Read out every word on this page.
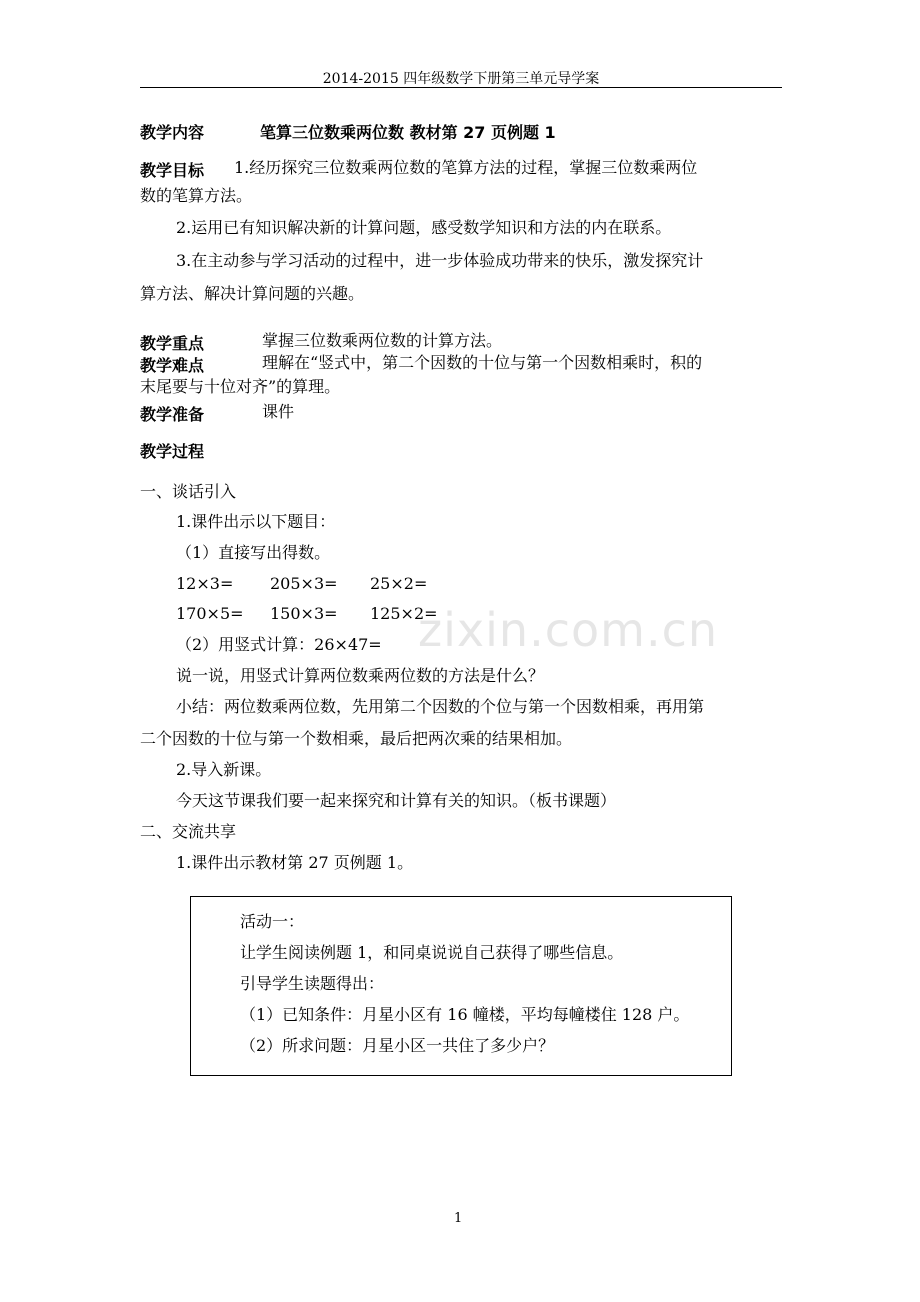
zixin.com.cn
2014-2015 四年级数学下册第三单元导学案
教学内容	笔算三位数乘两位数 教材第 27 页例题 1
教学目标 1.经历探究三位数乘两位数的笔算方法的过程，掌握三位数乘两位
数的笔算方法。
2.运用已有知识解决新的计算问题，感受数学知识和方法的内在联系。
3.在主动参与学习活动的过程中，进一步体验成功带来的快乐，激发探究计
算方法、解决计算问题的兴趣。
教学重点	掌握三位数乘两位数的计算方法。
教学难点	理解在“竖式中，第二个因数的十位与第一个因数相乘时，积的
末尾要与十位对齐”的算理。
教学准备	课件
教学过程
一、谈话引入
1.课件出示以下题目：
（1）直接写出得数。
12×3= 205×3= 25×2=
170×5= 150×3= 125×2=
（2）用竖式计算：26×47=
说一说，用竖式计算两位数乘两位数的方法是什么？
小结：两位数乘两位数，先用第二个因数的个位与第一个因数相乘，再用第
二个因数的十位与第一个数相乘，最后把两次乘的结果相加。
2.导入新课。
今天这节课我们要一起来探究和计算有关的知识。（板书课题）
二、交流共享
1.课件出示教材第 27 页例题 1。
活动一：
让学生阅读例题 1，和同桌说说自己获得了哪些信息。
引导学生读题得出：
（1）已知条件：月星小区有 16 幢楼，平均每幢楼住 128 户。
（2）所求问题：月星小区一共住了多少户？
1
